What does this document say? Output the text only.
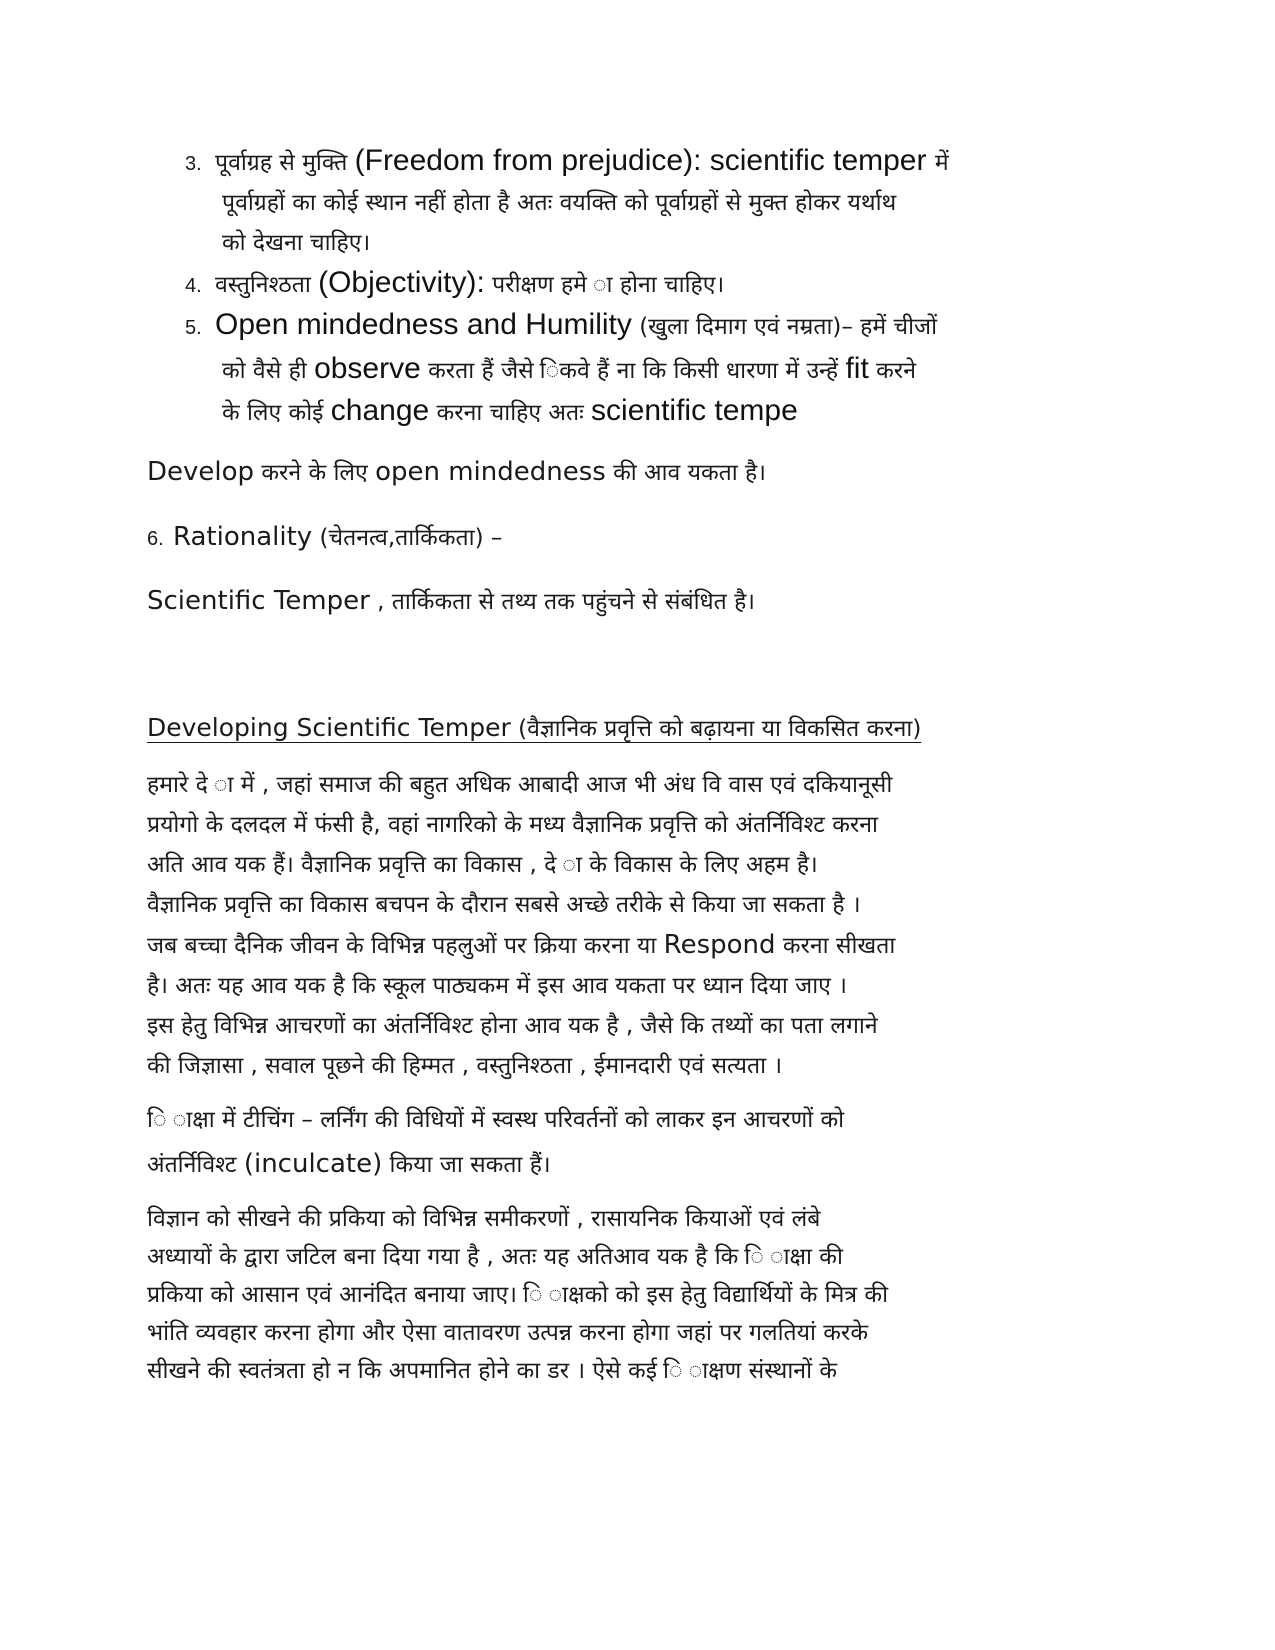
3. पूर्वाग्रह से मुक्ति (Freedom from prejudice): scientific temper में
पूर्वाग्रहों का कोई स्थान नहीं होता है अतः वयक्ति को पूर्वाग्रहों से मुक्त होकर यर्थाथ
को देखना चाहिए।
4. वस्तुनिश्ठता (Objectivity): परीक्षण हमे ा होना चाहिए।
5. Open mindedness and Humility (खुला दिमाग एवं नम्रता)– हमें चीजों
को वैसे ही observe करता हैं जैसे िकवे हैं ना कि किसी धारणा में उन्हें fit करने
के लिए कोई change करना चाहिए अतः scientific tempe
Develop करने के लिए open mindedness की आव यकता है।
6. Rationality (चेतनत्व,तार्किकता) –
Scientific Temper , तार्किकता से तथ्य तक पहुंचने से संबंधित है।
Developing Scientific Temper (वैज्ञानिक प्रवृत्ति को बढ़ायना या विकसित करना)
हमारे दे ा में , जहां समाज की बहुत अधिक आबादी आज भी अंध वि वास एवं दकियानूसी
प्रयोगो के दलदल में फंसी है, वहां नागरिको के मध्य वैज्ञानिक प्रवृत्ति को अंतर्निविश्ट करना
अति आव यक हैं। वैज्ञानिक प्रवृत्ति का विकास , दे ा के विकास के लिए अहम है।
वैज्ञानिक प्रवृत्ति का विकास बचपन के दौरान सबसे अच्छे तरीके से किया जा सकता है ।
जब बच्चा दैनिक जीवन के विभिन्न पहलुओं पर क्रिया करना या Respond करना सीखता
है। अतः यह आव यक है कि स्कूल पाठ्यकम में इस आव यकता पर ध्यान दिया जाए ।
इस हेतु विभिन्न आचरणों का अंतर्निविश्ट होना आव यक है , जैसे कि तथ्यों का पता लगाने
की जिज्ञासा , सवाल पूछने की हिम्मत , वस्तुनिश्ठता , ईमानदारी एवं सत्यता ।
ि ाक्षा में टीचिंग – लर्निंग की विधियों में स्वस्थ परिवर्तनों को लाकर इन आचरणों को
अंतर्निविश्ट (inculcate) किया जा सकता हैं।
विज्ञान को सीखने की प्रकिया को विभिन्न समीकरणों , रासायनिक कियाओं एवं लंबे
अध्यायों के द्वारा जटिल बना दिया गया है , अतः यह अतिआव यक है कि ि ाक्षा की
प्रकिया को आसान एवं आनंदित बनाया जाए। ि ाक्षको को इस हेतु विद्यार्थियों के मित्र की
भांति व्यवहार करना होगा और ऐसा वातावरण उत्पन्न करना होगा जहां पर गलतियां करके
सीखने की स्वतंत्रता हो न कि अपमानित होने का डर । ऐसे कई ि ाक्षण संस्थानों के
